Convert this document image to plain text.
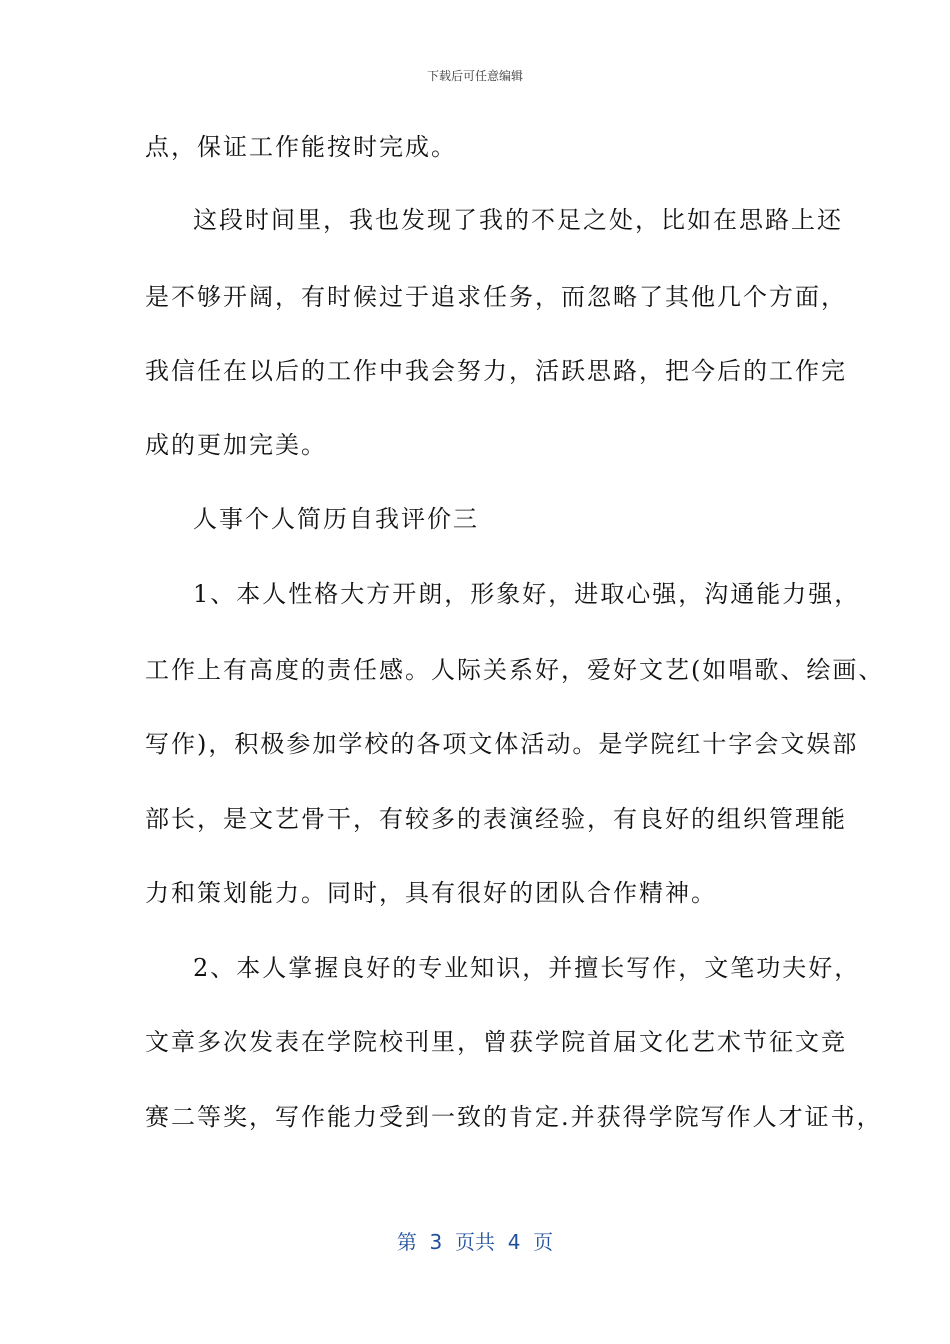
下载后可任意编辑
点，保证工作能按时完成。
这段时间里，我也发现了我的不足之处，比如在思路上还
是不够开阔，有时候过于追求任务，而忽略了其他几个方面，
我信任在以后的工作中我会努力，活跃思路，把今后的工作完
成的更加完美。
人事个人简历自我评价三
1、本人性格大方开朗，形象好，进取心强，沟通能力强，
工作上有高度的责任感。人际关系好，爱好文艺(如唱歌、绘画、
写作)，积极参加学校的各项文体活动。是学院红十字会文娱部
部长，是文艺骨干，有较多的表演经验，有良好的组织管理能
力和策划能力。同时，具有很好的团队合作精神。
2、本人掌握良好的专业知识，并擅长写作，文笔功夫好，
文章多次发表在学院校刊里，曾获学院首届文化艺术节征文竞
赛二等奖，写作能力受到一致的肯定.并获得学院写作人才证书，
第  3  页共  4  页
